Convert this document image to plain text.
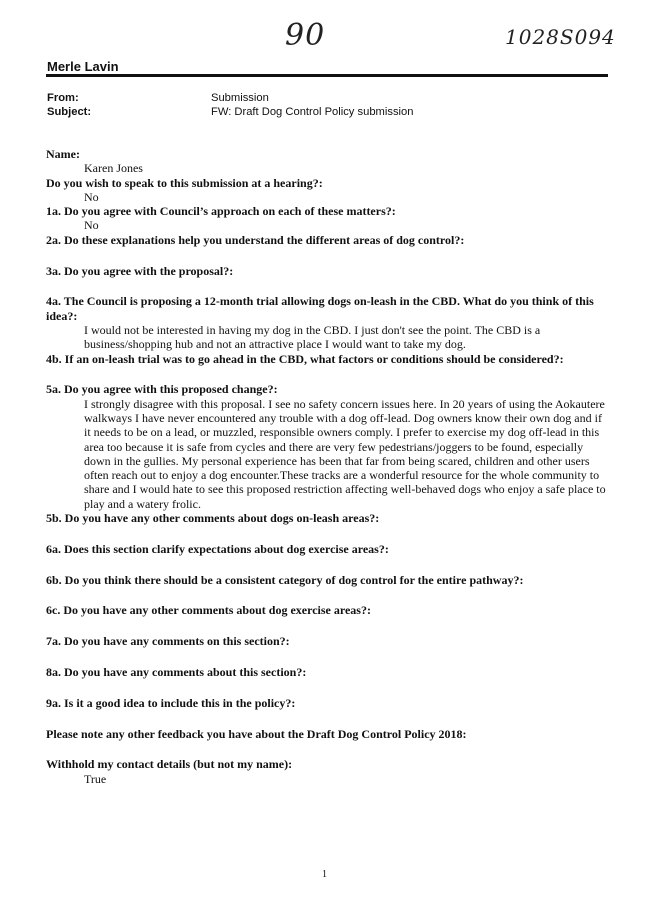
90	1028S094
Merle Lavin
From:	Submission
Subject:	FW: Draft Dog Control Policy submission

Name:

Karen Jones

Do you wish to speak to this submission at a hearing?:

No

1a. Do you agree with Council’s approach on each of these matters?:

No

2a. Do these explanations help you understand the different areas of dog control?:

3a. Do you agree with the proposal?:

4a. The Council is proposing a 12-month trial allowing dogs on-leash in the CBD. What do you think of this idea?:

I would not be interested in having my dog in the CBD. I just don't see the point. The CBD is a business/shopping hub and not an attractive place I would want to take my dog.

4b. If an on-leash trial was to go ahead in the CBD, what factors or conditions should be considered?:

5a. Do you agree with this proposed change?:

I strongly disagree with this proposal. I see no safety concern issues here. In 20 years of using the Aokautere walkways I have never encountered any trouble with a dog off-lead. Dog owners know their own dog and if it needs to be on a lead, or muzzled, responsible owners comply. I prefer to exercise my dog off-lead in this area too because it is safe from cycles and there are very few pedestrians/joggers to be found, especially down in the gullies. My personal experience has been that far from being scared, children and other users often reach out to enjoy a dog encounter.These tracks are a wonderful resource for the whole community to share and I would hate to see this proposed restriction affecting well-behaved dogs who enjoy a safe place to play and a watery frolic.

5b. Do you have any other comments about dogs on-leash areas?:

6a. Does this section clarify expectations about dog exercise areas?:

6b. Do you think there should be a consistent category of dog control for the entire pathway?:

6c. Do you have any other comments about dog exercise areas?:

7a. Do you have any comments on this section?:

8a. Do you have any comments about this section?:

9a. Is it a good idea to include this in the policy?:

Please note any other feedback you have about the Draft Dog Control Policy 2018:

Withhold my contact details (but not my name):

True

1
